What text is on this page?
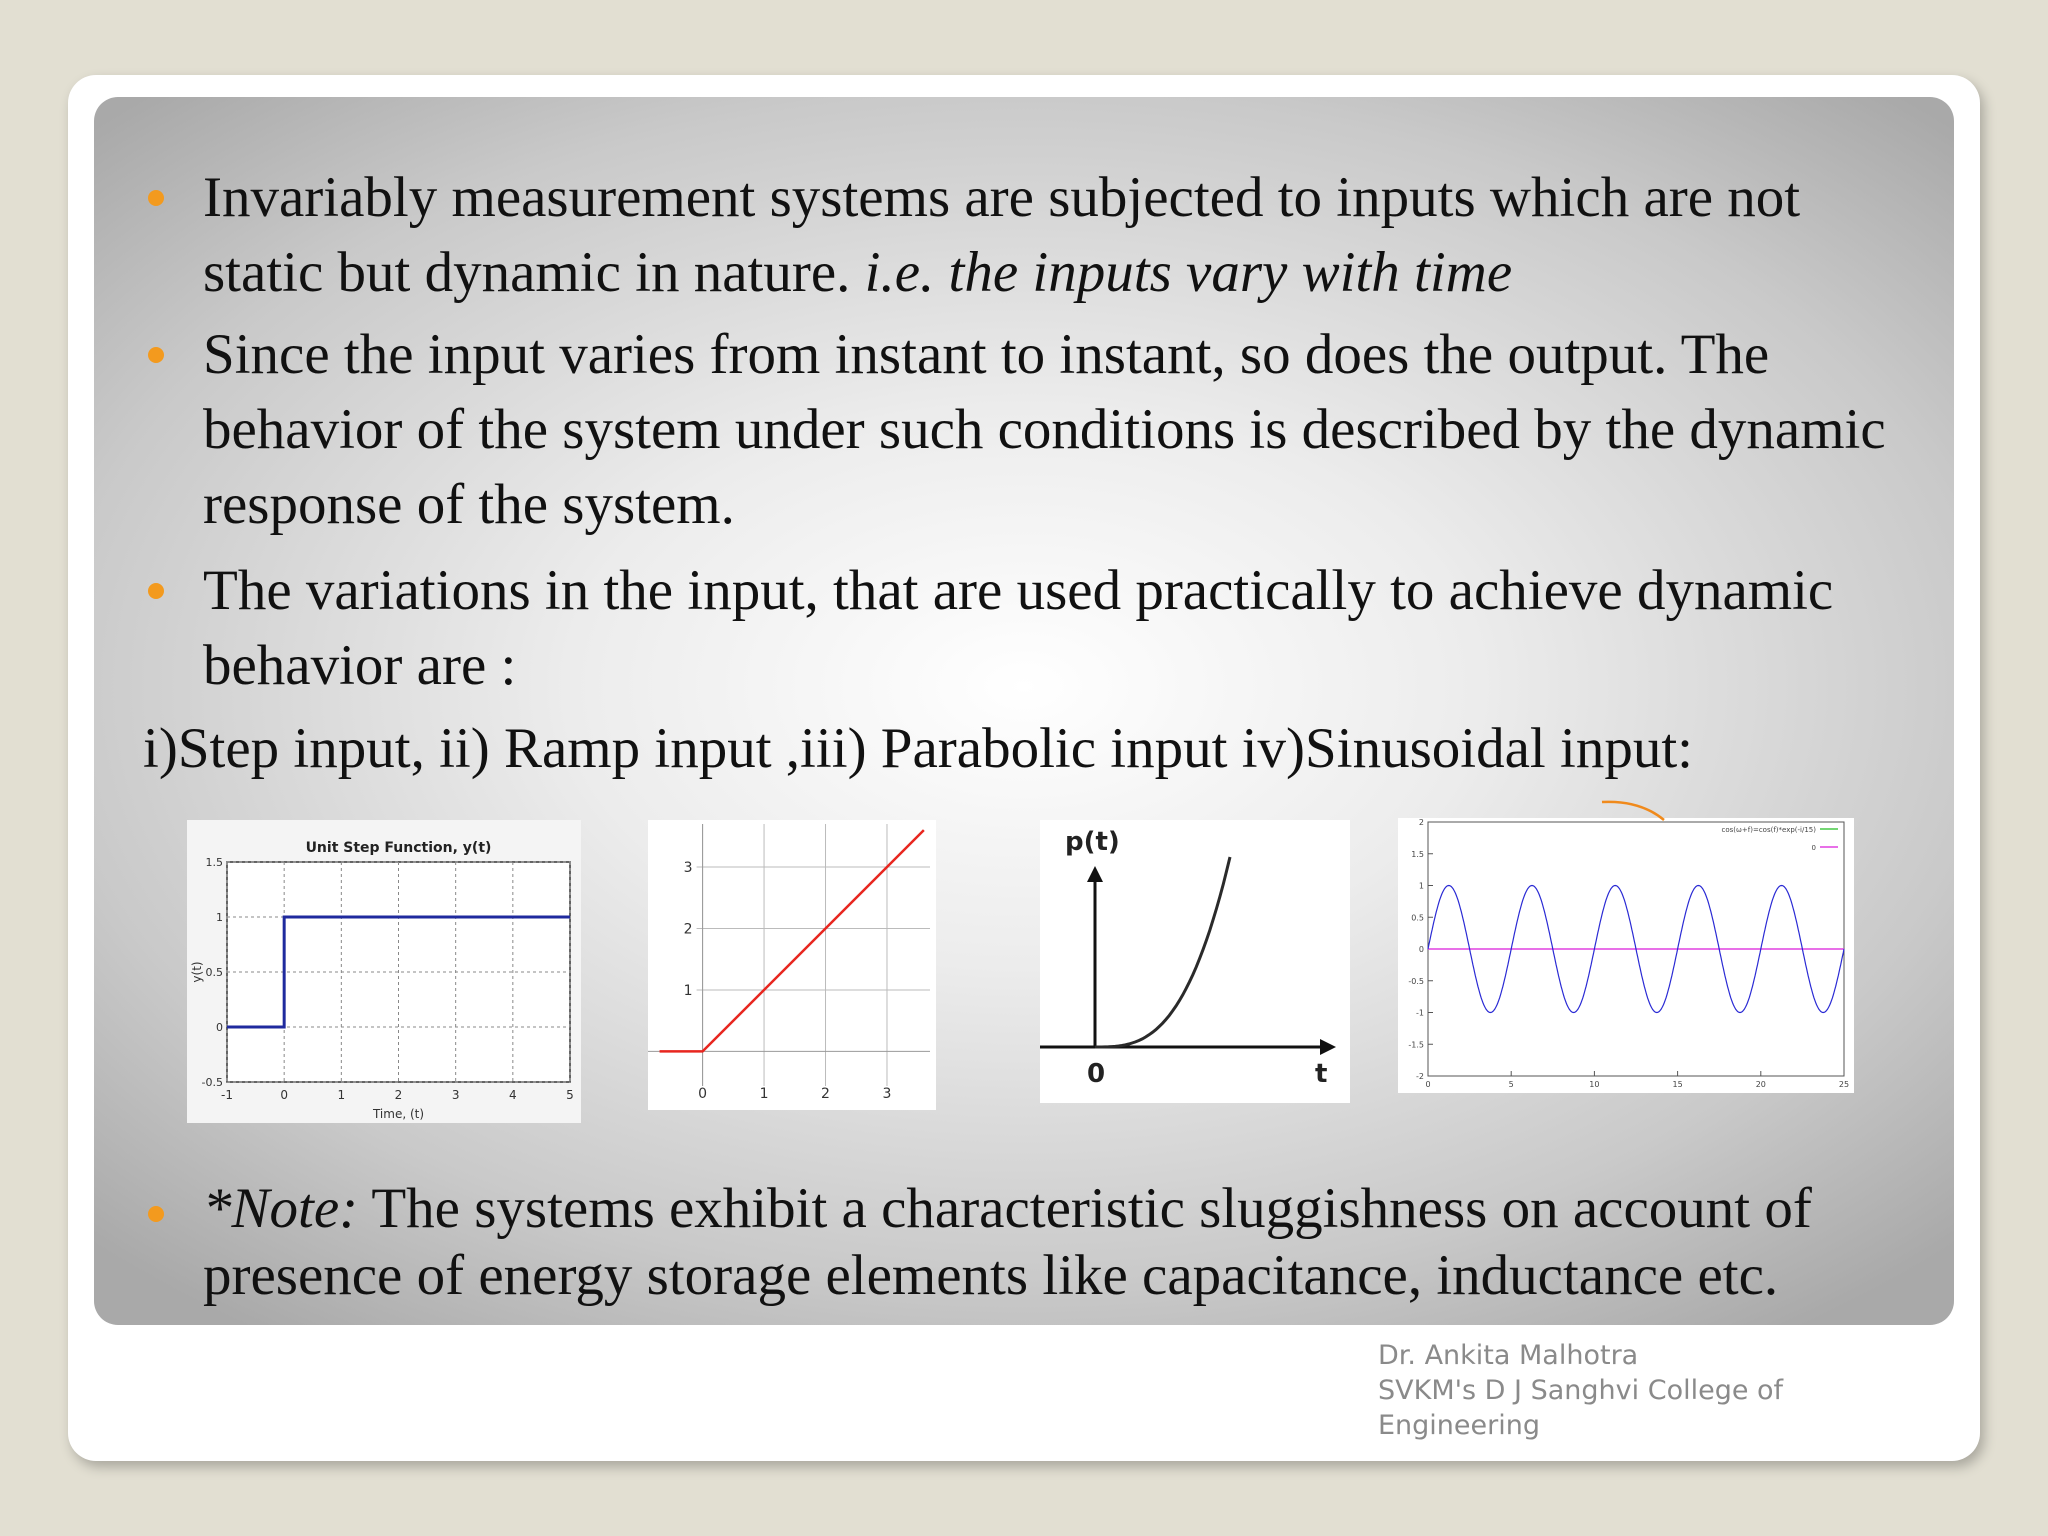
Invariably measurement systems are subjected to inputs which are not static but dynamic in nature. i.e. the inputs vary with time
Since the input varies from instant to instant, so does the output. The behavior of the system under such conditions is described by the dynamic response of the system.
The variations in the input, that are used practically to achieve dynamic behavior are :
i)Step input, ii) Ramp input ,iii) Parabolic input iv)Sinusoidal input:
-1	0	1	2	3	4	5
-0.5
0
0.5
1
1.5
Unit Step Function, y(t)
Time, (t)
y(t)
0	1	2	3
1
2
3
p(t)
0	t	0	5	10	15	20	25
2
1.5
1
0.5
0
-0.5
-1
-1.5
-2
cos(ω+f)=cos(f)*exp(-i/15)
0
*Note: The systems exhibit a characteristic sluggishness on account of presence of energy storage elements like capacitance, inductance etc.
Dr. Ankita Malhotra
SVKM's D J Sanghvi College of
Engineering
